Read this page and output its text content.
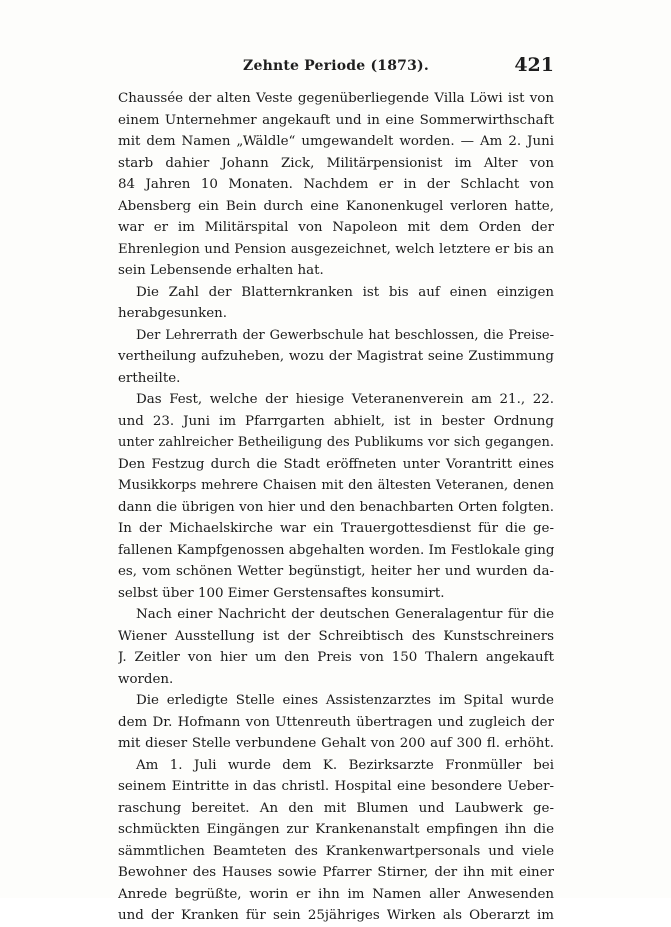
Zehnte Periode (1873).	421
Chaussée der alten Veste gegenüberliegende Villa Löwi ist von
einem Unternehmer angekauft und in eine Sommerwirthschaft
mit dem Namen „Wäldle“ umgewandelt worden. — Am 2. Juni
starb dahier Johann Zick, Militärpensionist im Alter von
84 Jahren 10 Monaten. Nachdem er in der Schlacht von
Abensberg ein Bein durch eine Kanonenkugel verloren hatte,
war er im Militärspital von Napoleon mit dem Orden der
Ehrenlegion und Pension ausgezeichnet, welch letztere er bis an
sein Lebensende erhalten hat.
Die Zahl der Blatternkranken ist bis auf einen einzigen
herabgesunken.
Der Lehrerrath der Gewerbschule hat beschlossen, die Preise-
vertheilung aufzuheben, wozu der Magistrat seine Zustimmung
ertheilte.
Das Fest, welche der hiesige Veteranenverein am 21., 22.
und 23. Juni im Pfarrgarten abhielt, ist in bester Ordnung
unter zahlreicher Betheiligung des Publikums vor sich gegangen.
Den Festzug durch die Stadt eröffneten unter Vorantritt eines
Musikkorps mehrere Chaisen mit den ältesten Veteranen, denen
dann die übrigen von hier und den benachbarten Orten folgten.
In der Michaelskirche war ein Trauergottesdienst für die ge-
fallenen Kampfgenossen abgehalten worden. Im Festlokale ging
es, vom schönen Wetter begünstigt, heiter her und wurden da-
selbst über 100 Eimer Gerstensaftes konsumirt.
Nach einer Nachricht der deutschen Generalagentur für die
Wiener Ausstellung ist der Schreibtisch des Kunstschreiners
J. Zeitler von hier um den Preis von 150 Thalern angekauft
worden.
Die erledigte Stelle eines Assistenzarztes im Spital wurde
dem Dr. Hofmann von Uttenreuth übertragen und zugleich der
mit dieser Stelle verbundene Gehalt von 200 auf 300 fl. erhöht.
Am 1. Juli wurde dem K. Bezirksarzte Fronmüller bei
seinem Eintritte in das christl. Hospital eine besondere Ueber-
raschung bereitet. An den mit Blumen und Laubwerk ge-
schmückten Eingängen zur Krankenanstalt empfingen ihn die
sämmtlichen Beamteten des Krankenwartpersonals und viele
Bewohner des Hauses sowie Pfarrer Stirner, der ihn mit einer
Anrede begrüßte, worin er ihn im Namen aller Anwesenden
und der Kranken für sein 25jähriges Wirken als Oberarzt im
